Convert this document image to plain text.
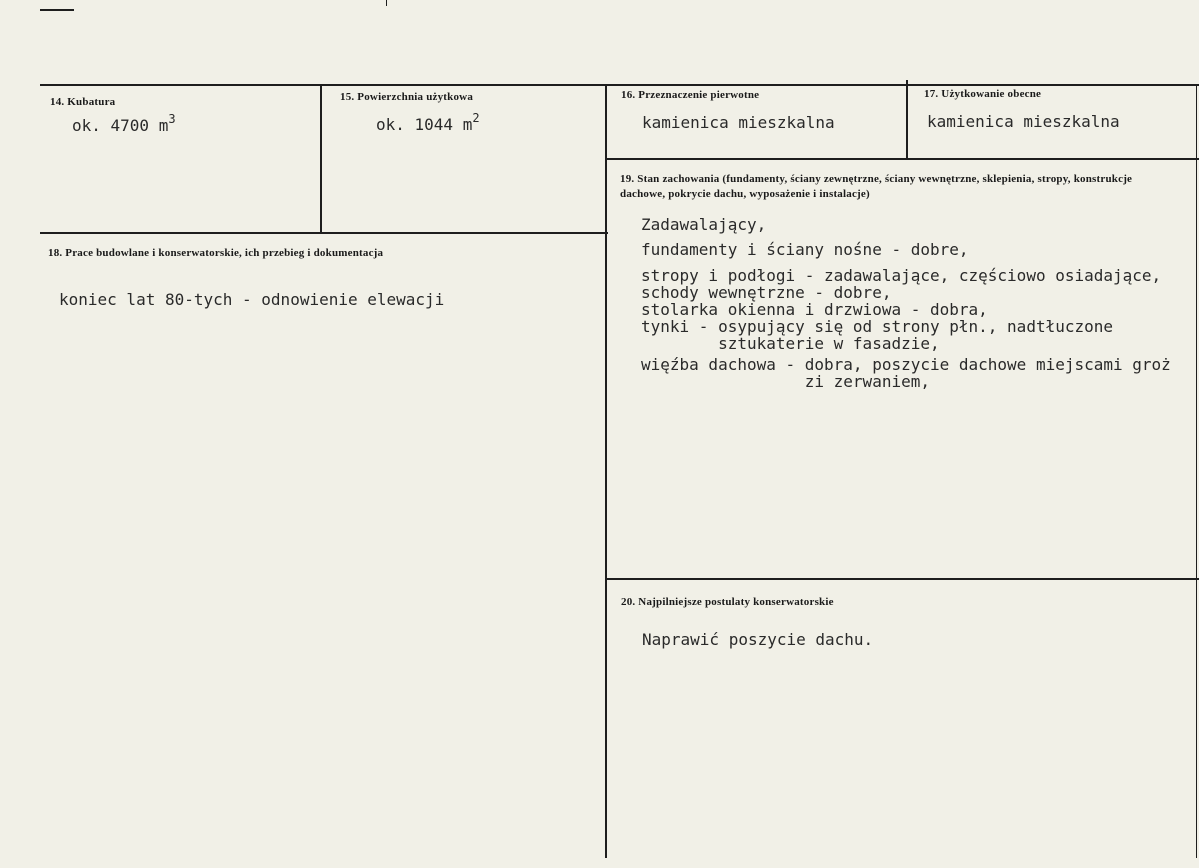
14. Kubatura
ok. 4700 $m^3$
15. Powierzchnia użytkowa
ok. 1044 $m^2$
16. Przeznaczenie pierwotne
kamienica mieszkalna
17. Użytkowanie obecne
kamienica mieszkalna
18. Prace budowlane i konserwatorskie, ich przebieg i dokumentacja
koniec lat 80-tych - odnowienie elewacji
19. Stan zachowania (fundamenty, ściany zewnętrzne, ściany wewnętrzne, sklepienia, stropy, konstrukcje dachowe, pokrycie dachu, wyposażenie i instalacje)
Zadawalający,
fundamenty i ściany nośne - dobre,
stropy i podłogi - zadawalające, częściowo osiadające,
schody wewnętrzne - dobre,
stolarka okienna i drzwiowa - dobra,
tynki - osypujący się od strony płn., nadtłuczone
sztukaterie w fasadzie,
więźba dachowa - dobra, poszycie dachowe miejscami groż
zi zerwaniem,
20. Najpilniejsze postulaty konserwatorskie
Naprawić poszycie dachu.
